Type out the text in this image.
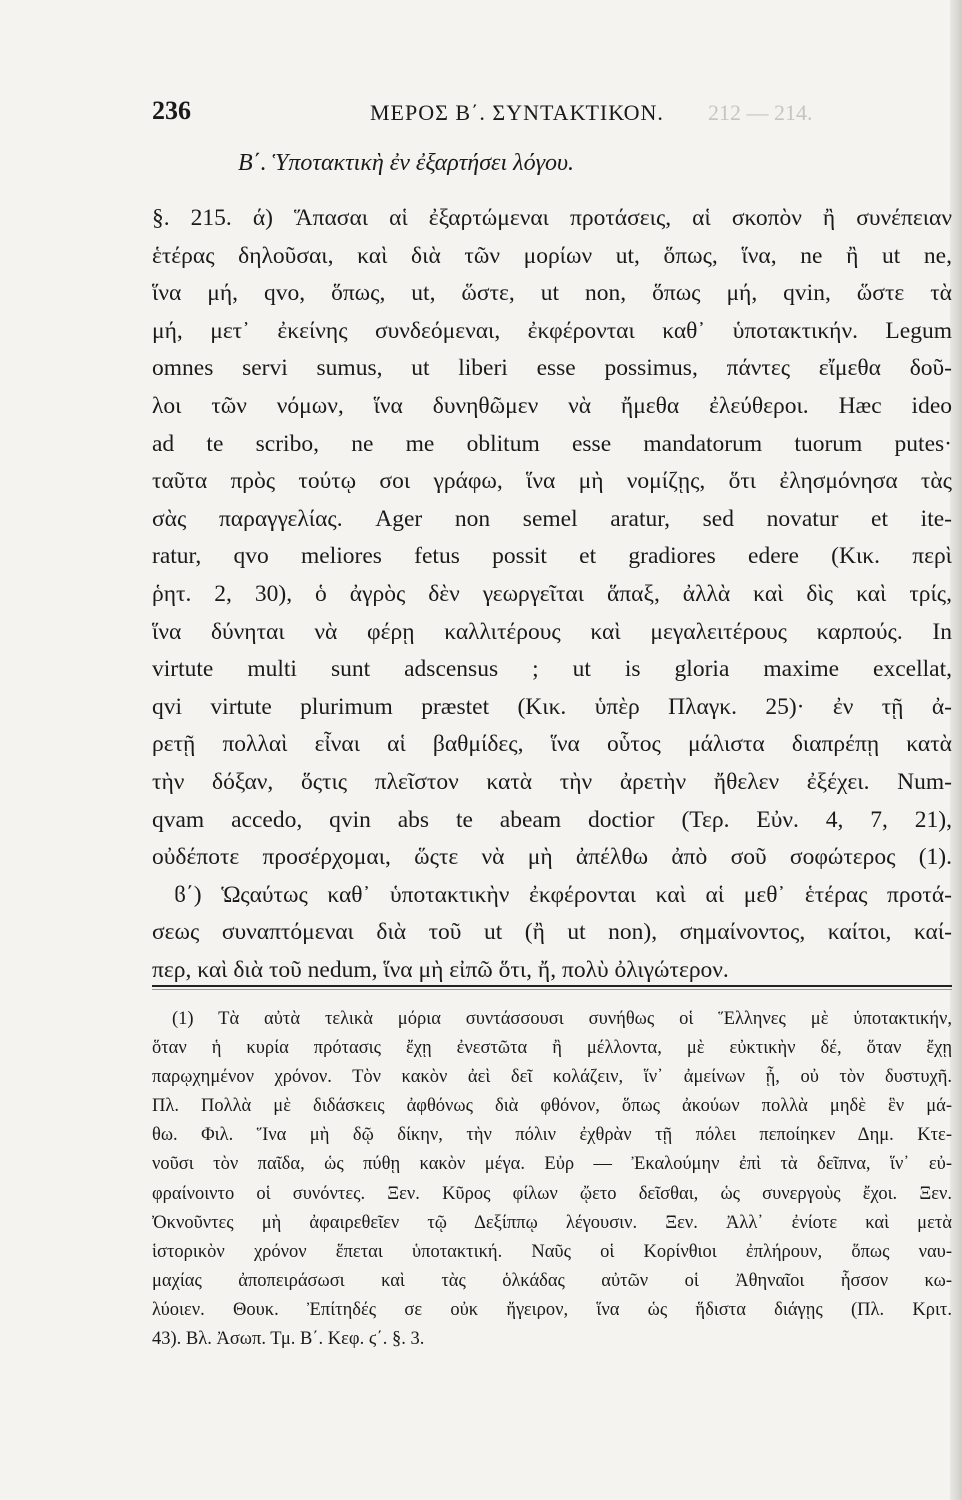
236	ΜΕΡΟΣ Β΄. ΣΥΝΤΑΚΤΙΚΟΝ. 212 — 214.
Β΄. Ὑποτακτικὴ ἐν ἐξαρτήσει λόγου.
§. 215. ά) Ἅπασαι αἱ ἐξαρτώμεναι προτάσεις, αἱ σκοπὸν ἢ συνέπειαν
ἑτέρας δηλοῦσαι, καὶ διὰ τῶν μορίων ut, ὅπως, ἵνα, ne ἢ ut ne,
ἵνα μή, qvo, ὅπως, ut, ὥστε, ut non, ὅπως μή, qvin, ὥστε τὰ
μή, μετ᾽ ἐκείνης συνδεόμεναι, ἐκφέρονται καθ᾽ ὑποτακτικήν. Legum
omnes servi sumus, ut liberi esse possimus, πάντες εἴμεθα δοῦ-
λοι τῶν νόμων, ἵνα δυνηθῶμεν νὰ ἤμεθα ἐλεύθεροι. Hæc ideo
ad te scribo, ne me oblitum esse mandatorum tuorum putes·
ταῦτα πρὸς τούτῳ σοι γράφω, ἵνα μὴ νομίζῃς, ὅτι ἐλησμόνησα τὰς
σὰς παραγγελίας. Ager non semel aratur, sed novatur et ite-
ratur, qvo meliores fetus possit et gradiores edere (Κικ. περὶ
ῥητ. 2, 30), ὁ ἀγρὸς δὲν γεωργεῖται ἅπαξ, ἀλλὰ καὶ δὶς καὶ τρίς,
ἵνα δύνηται νὰ φέρῃ καλλιτέρους καὶ μεγαλειτέρους καρπούς. In
virtute multi sunt adscensus ; ut is gloria maxime excellat,
qvi virtute plurimum præstet (Κικ. ὑπὲρ Πλαγκ. 25)· ἐν τῇ ἀ-
ρετῇ πολλαὶ εἶναι αἱ βαθμίδες, ἵνα οὗτος μάλιστα διαπρέπῃ κατὰ
τὴν δόξαν, ὅςτις πλεῖστον κατὰ τὴν ἀρετὴν ἤθελεν ἐξέχει. Num-
qvam accedo, qvin abs te abeam doctior (Τερ. Εὐν. 4, 7, 21),
οὐδέποτε προσέρχομαι, ὥςτε νὰ μὴ ἀπέλθω ἀπὸ σοῦ σοφώτερος (1).
ϐ΄) Ὡςαύτως καθ᾽ ὑποτακτικὴν ἐκφέρονται καὶ αἱ μεθ᾽ ἑτέρας προτά-
σεως συναπτόμεναι διὰ τοῦ ut (ἢ ut non), σημαίνοντος, καίτοι, καί-
περ, καὶ διὰ τοῦ nedum, ἵνα μὴ εἰπῶ ὅτι, ἤ, πολὺ ὀλιγώτερον.
(1) Τὰ αὐτὰ τελικὰ μόρια συντάσσουσι συνήθως οἱ Ἕλληνες μὲ ὑποτακτικήν,
ὅταν ἡ κυρία πρότασις ἔχῃ ἐνεστῶτα ἢ μέλλοντα, μὲ εὐκτικὴν δέ, ὅταν ἔχῃ
παρῳχημένον χρόνον. Τὸν κακὸν ἀεὶ δεῖ κολάζειν, ἵν᾽ ἀμείνων ᾖ, οὐ τὸν δυστυχῆ.
Πλ. Πολλὰ μὲ διδάσκεις ἀφθόνως διὰ φθόνον, ὅπως ἀκούων πολλὰ μηδὲ ἓν μά-
θω. Φιλ. Ἵνα μὴ δῷ δίκην, τὴν πόλιν ἐχθρὰν τῇ πόλει πεποίηκεν Δημ. Κτε-
νοῦσι τὸν παῖδα, ὡς πύθῃ κακὸν μέγα. Εὐρ — Ἐκαλούμην ἐπὶ τὰ δεῖπνα, ἵν᾽ εὐ-
φραίνοιντο οἱ συνόντες. Ξεν. Κῦρος φίλων ᾤετο δεῖσθαι, ὡς συνεργοὺς ἔχοι. Ξεν.
Ὀκνοῦντες μὴ ἀφαιρεθεῖεν τῷ Δεξίππῳ λέγουσιν. Ξεν. Ἀλλ᾽ ἐνίοτε καὶ μετὰ
ἱστορικὸν χρόνον ἕπεται ὑποτακτική. Ναῦς οἱ Κορίνθιοι ἐπλήρουν, ὅπως ναυ-
μαχίας ἀποπειράσωσι καὶ τὰς ὁλκάδας αὐτῶν οἱ Ἀθηναῖοι ἧσσον κω-
λύοιεν. Θουκ. Ἐπίτηδές σε οὐκ ἤγειρον, ἵνα ὡς ἥδιστα διάγῃς (Πλ. Κριτ.
43). Βλ. Ἀσωπ. Τμ. Β΄. Κεφ. ϛ΄. §. 3.
